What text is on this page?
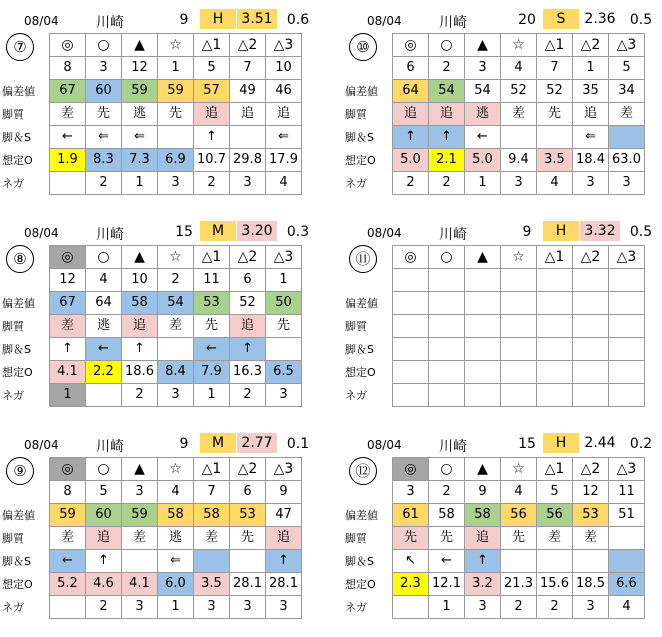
08/04	川崎	9	H	3.51	0.6
⑦
偏差値
脚質
脚＆S
想定O
ネガ
◎	○	▲	☆	△1	△2	△3
8	3	12	1	5	7	10
67	60	59	59	57	49	46
差	先	逃	先	追	追	追
←	⇐	⇐		↑		⇐
1.9	8.3	7.3	6.9	10.7	29.8	17.9
	2	1	3	2	3	4
08/04	川崎	20	S	2.36	0.5
⑩
偏差値
脚質
脚＆S
想定O
ネガ
◎	○	▲	☆	△1	△2	△3
6	2	3	4	7	1	5
64	54	54	52	52	35	34
追	追	逃	差	先	追	差
↑	↑	←			⇐	
5.0	2.1	5.0	9.4	3.5	18.4	63.0
2	2	1	3	4	3	3
08/04	川崎	15	M	3.20	0.3
⑧
偏差値
脚質
脚＆S
想定O
ネガ
◎	○	▲	☆	△1	△2	△3
12	4	10	2	11	6	1
67	64	58	54	53	52	50
差	逃	追	差	先	追	先
↑	←	↑		←	↑	
4.1	2.2	18.6	8.4	7.9	16.3	6.5
1		2	3	1	2	3
08/04	川崎	9	H	3.32	0.5
⑪
偏差値
脚質
脚＆S
想定O
ネガ
◎	○	▲	☆	△1	△2	△3

08/04	川崎	9	M	2.77	0.1
⑨
偏差値
脚質
脚＆S
想定O
ネガ
◎	○	▲	☆	△1	△2	△3
8	5	3	4	7	6	9
59	60	59	58	58	53	47
差	追	差	逃	差	先	追
←	↑		⇐			↑
5.2	4.6	4.1	6.0	3.5	28.1	28.1
	2	3	1	3	3	3
08/04	川崎	15	H	2.44	0.2
⑫
偏差値
脚質
脚＆S
想定O
ネガ
◎	○	▲	☆	△1	△2	△3
3	2	9	4	5	12	11
61	58	58	56	56	53	51
先	先	追	先	差	差	
↖	←	↑				
2.3	12.1	3.2	21.3	15.6	18.5	6.6
	1	3	2	2	3	4
